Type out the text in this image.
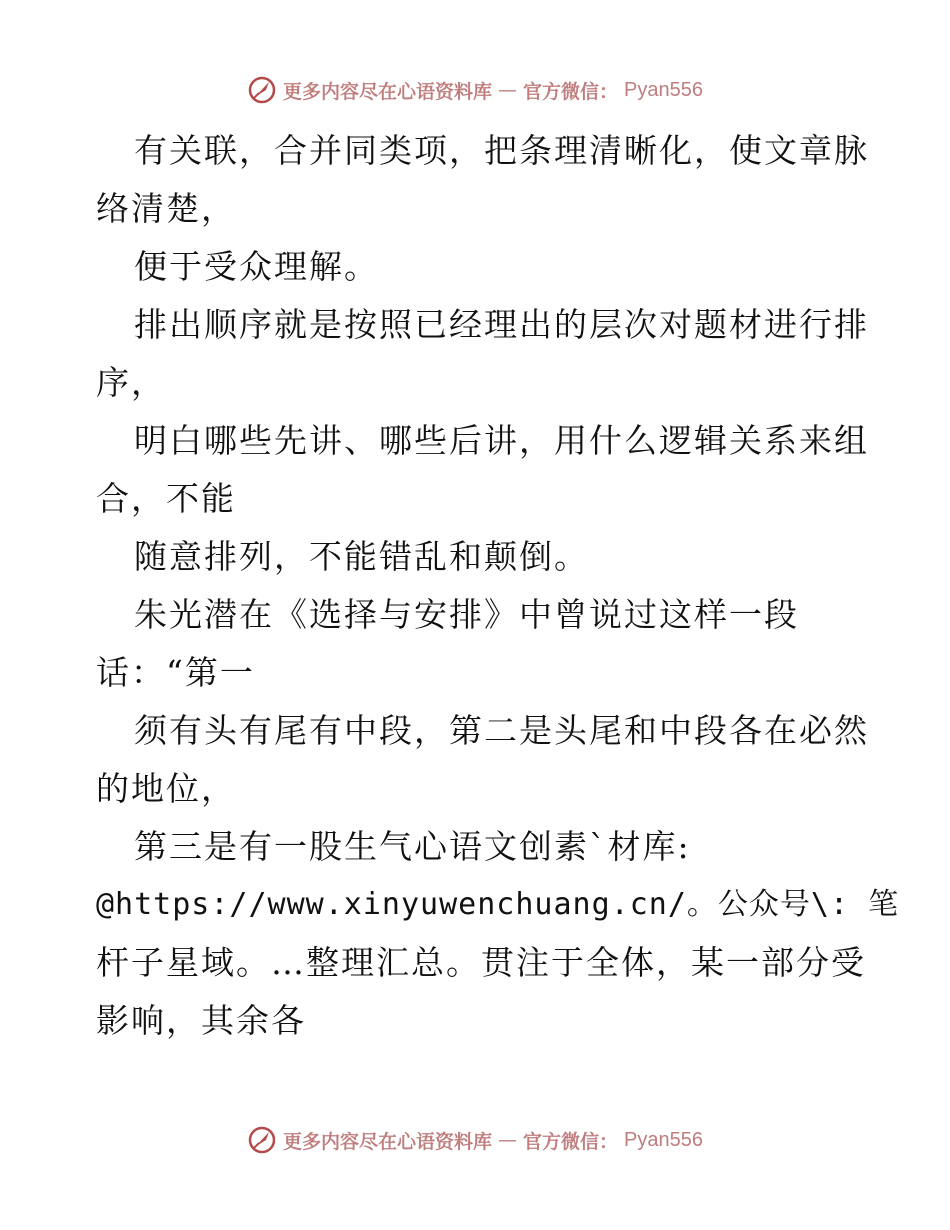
更多内容尽在心语资料库 — 官方微信： Pyan556
有关联，合并同类项，把条理清晰化，使文章脉
络清楚，
便于受众理解。
排出顺序就是按照已经理出的层次对题材进行排
序，
明白哪些先讲、哪些后讲，用什么逻辑关系来组
合，不能
随意排列，不能错乱和颠倒。
朱光潜在《选择与安排》中曾说过这样一段
话：“第一
须有头有尾有中段，第二是头尾和中段各在必然
的地位，
第三是有一股生气心语文创素`材库:
@https://www.xinyuwenchuang.cn/。公众号\: 笔
杆子星域。…整理汇总。贯注于全体，某一部分受
影响，其余各
更多内容尽在心语资料库 — 官方微信： Pyan556
